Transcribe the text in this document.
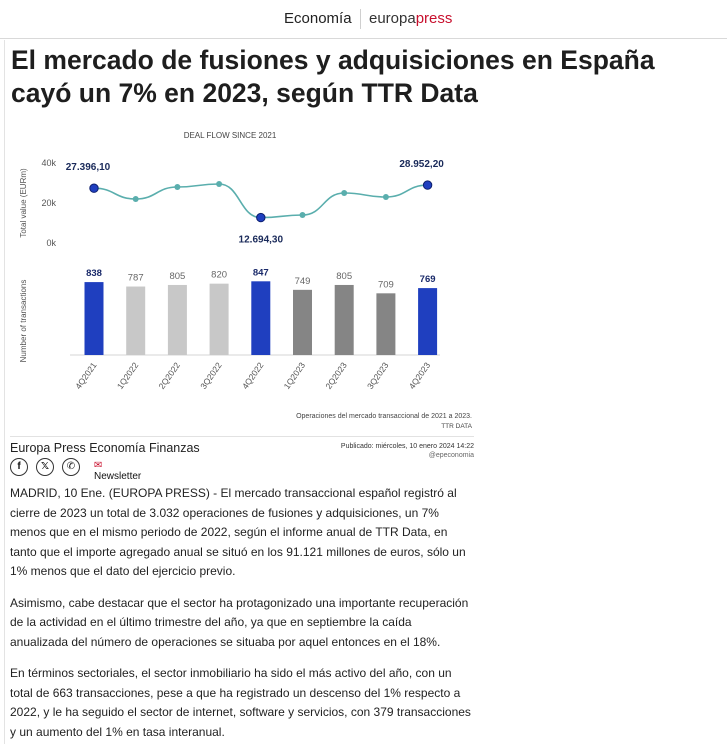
Economía europapress
El mercado de fusiones y adquisiciones en España cayó un 7% en 2023, según TTR Data
DEAL FLOW SINCE 2021
Total value (EURm)
40k
20k
0k
27.396,10
12.694,30
28.952,20
Number of transactions
838	787	805	820	847
749	805
709	769
4Q2021 1Q2022 2Q2022 3Q2022 4Q2022 1Q2023 2Q2023 3Q2023 4Q2023
Operaciones del mercado transaccional de 2021 a 2023.
TTR DATA
Europa Press Economía Finanzas	Publicado: miércoles, 10 enero 2024 14:22
@epeconomia
f	𝕏	✆	✉Newsletter

MADRID, 10 Ene. (EUROPA PRESS) - El mercado transaccional español registró al cierre de 2023 un total de 3.032 operaciones de fusiones y adquisiciones, un 7% menos que en el mismo periodo de 2022, según el informe anual de TTR Data, en tanto que el importe agregado anual se situó en los 91.121 millones de euros, sólo un 1% menos que el dato del ejercicio previo.

Asimismo, cabe destacar que el sector ha protagonizado una importante recuperación de la actividad en el último trimestre del año, ya que en septiembre la caída anualizada del número de operaciones se situaba por aquel entonces en el 18%.

En términos sectoriales, el sector inmobiliario ha sido el más activo del año, con un total de 663 transacciones, pese a que ha registrado un descenso del 1% respecto a 2022, y le ha seguido el sector de internet, software y servicios, con 379 transacciones y un aumento del 1% en tasa interanual.
